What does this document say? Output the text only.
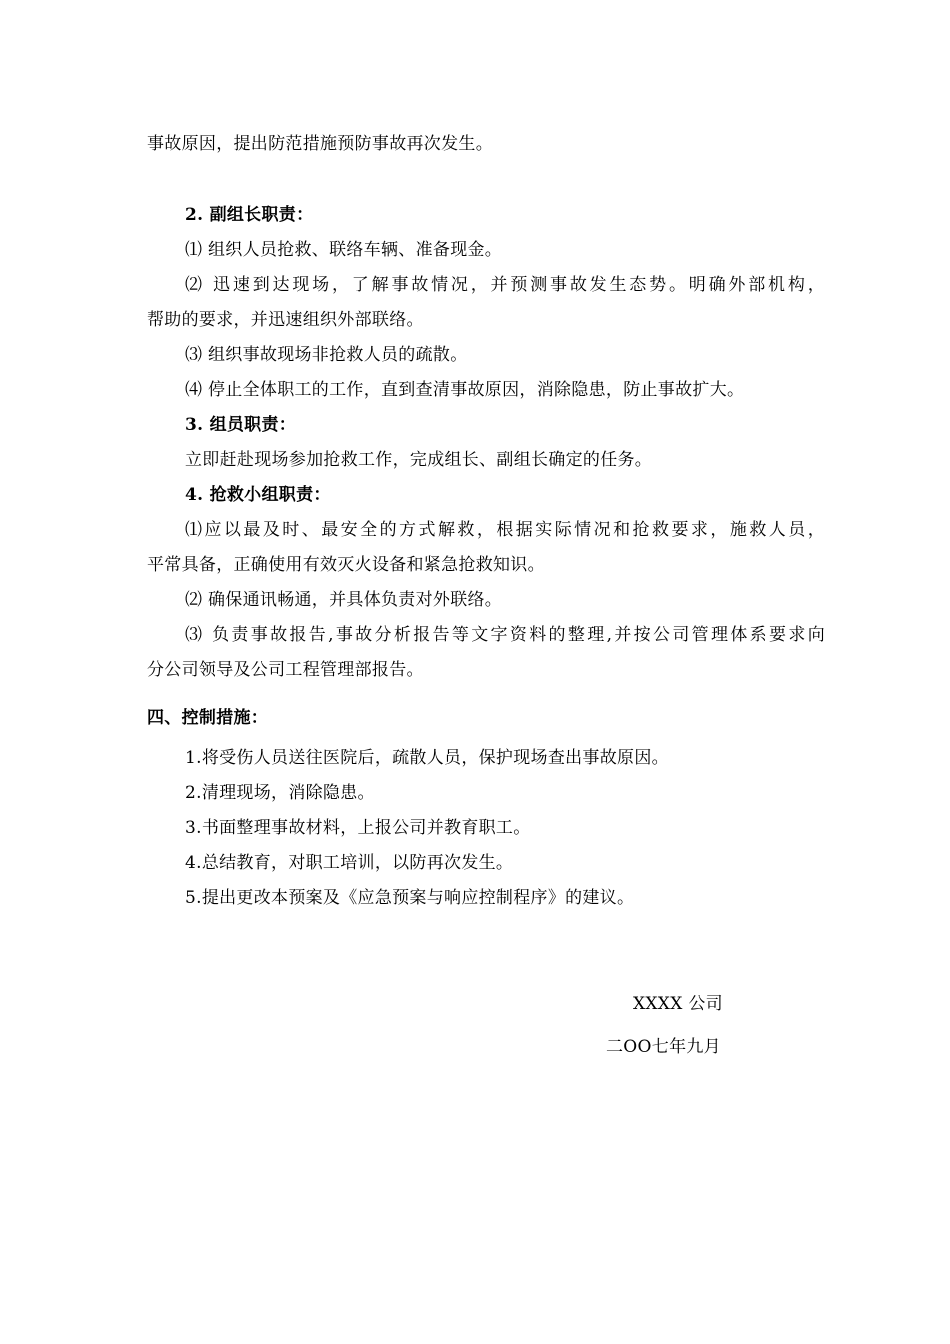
事故原因，提出防范措施预防事故再次发生。
2. 副组长职责：
⑴ 组织人员抢救、联络车辆、准备现金。
⑵ 迅速到达现场，了解事故情况，并预测事故发生态势。明确外部机构，
帮助的要求，并迅速组织外部联络。
⑶ 组织事故现场非抢救人员的疏散。
⑷ 停止全体职工的工作，直到查清事故原因，消除隐患，防止事故扩大。
3. 组员职责：
立即赶赴现场参加抢救工作，完成组长、副组长确定的任务。
4. 抢救小组职责：
⑴应以最及时、最安全的方式解救，根据实际情况和抢救要求，施救人员，
平常具备，正确使用有效灭火设备和紧急抢救知识。
⑵ 确保通讯畅通，并具体负责对外联络。
⑶ 负责事故报告,事故分析报告等文字资料的整理,并按公司管理体系要求向
分公司领导及公司工程管理部报告。
四、控制措施：
1.将受伤人员送往医院后，疏散人员，保护现场查出事故原因。
2.清理现场，消除隐患。
3.书面整理事故材料，上报公司并教育职工。
4.总结教育，对职工培训，以防再次发生。
5.提出更改本预案及《应急预案与响应控制程序》的建议。
XXXX 公司
二OO七年九月
